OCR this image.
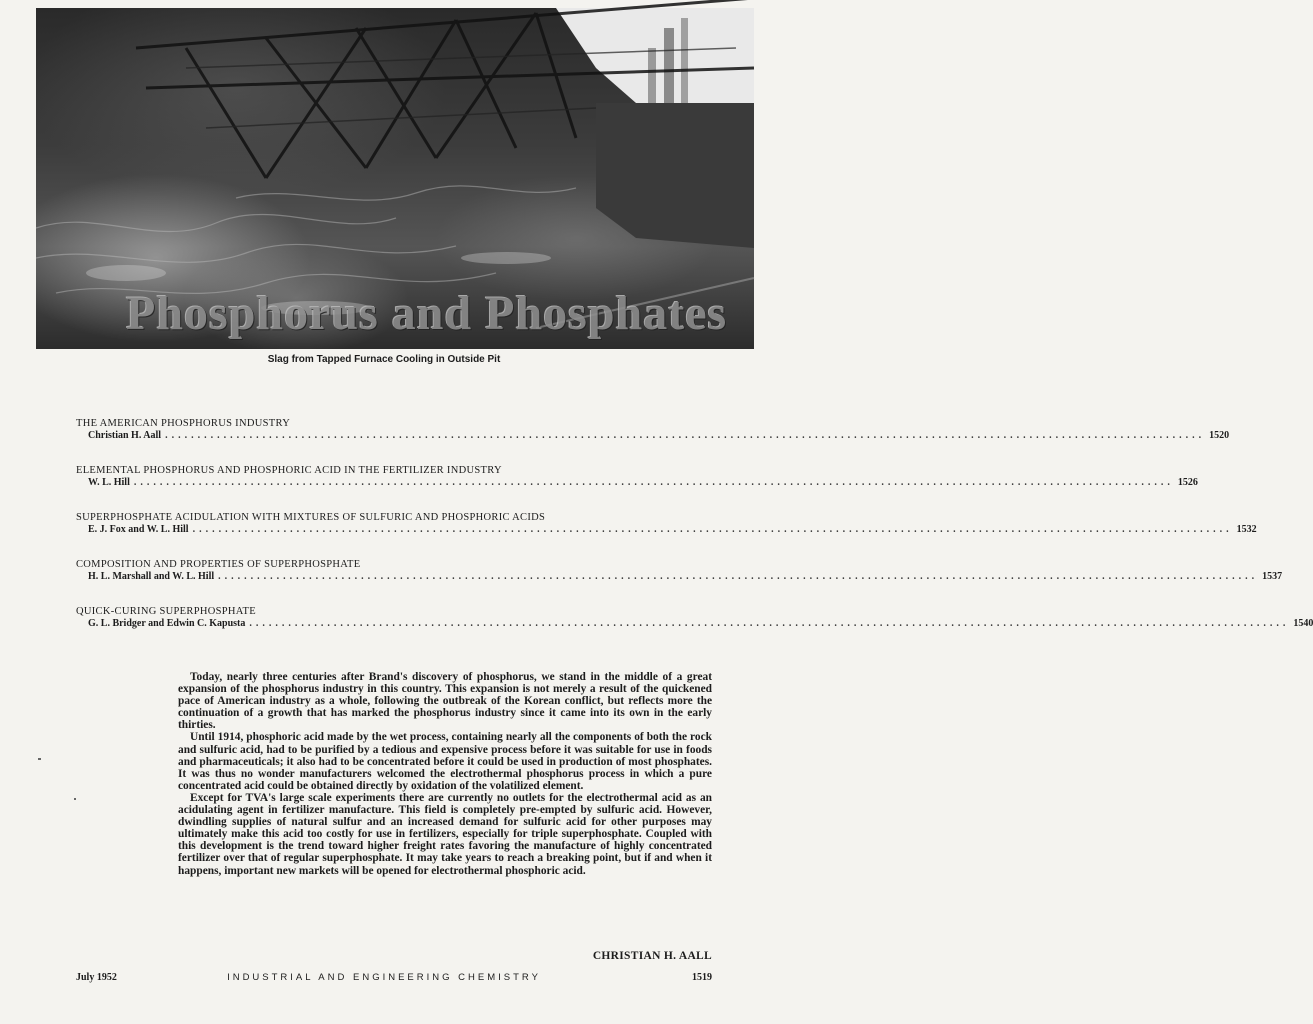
Phosphorus and Phosphates
Slag from Tapped Furnace Cooling in Outside Pit
THE AMERICAN PHOSPHORUS INDUSTRY
Christian H. Aall ................................................................................................................................................................ 1520
ELEMENTAL PHOSPHORUS AND PHOSPHORIC ACID IN THE FERTILIZER INDUSTRY
W. L. Hill ................................................................................................................................................................ 1526
SUPERPHOSPHATE ACIDULATION WITH MIXTURES OF SULFURIC AND PHOSPHORIC ACIDS
E. J. Fox and W. L. Hill ................................................................................................................................................................ 1532
COMPOSITION AND PROPERTIES OF SUPERPHOSPHATE
H. L. Marshall and W. L. Hill ................................................................................................................................................................ 1537
QUICK-CURING SUPERPHOSPHATE
G. L. Bridger and Edwin C. Kapusta ................................................................................................................................................................ 1540

Today, nearly three centuries after Brand's discovery of phosphorus, we stand in the middle of a great expansion of the phosphorus industry in this country. This expansion is not merely a result of the quickened pace of American industry as a whole, following the outbreak of the Korean conflict, but reflects more the continuation of a growth that has marked the phosphorus industry since it came into its own in the early thirties.

Until 1914, phosphoric acid made by the wet process, containing nearly all the components of both the rock and sulfuric acid, had to be purified by a tedious and expensive process before it was suitable for use in foods and pharmaceuticals; it also had to be concentrated before it could be used in production of most phosphates. It was thus no wonder manufacturers welcomed the electrothermal phosphorus process in which a pure concentrated acid could be obtained directly by oxidation of the volatilized element.

Except for TVA's large scale experiments there are currently no outlets for the electrothermal acid as an acidulating agent in fertilizer manufacture. This field is completely pre-empted by sulfuric acid. However, dwindling supplies of natural sulfur and an increased demand for sulfuric acid for other purposes may ultimately make this acid too costly for use in fertilizers, especially for triple superphosphate. Coupled with this development is the trend toward higher freight rates favoring the manufacture of highly concentrated fertilizer over that of regular superphosphate. It may take years to reach a breaking point, but if and when it happens, important new markets will be opened for electrothermal phosphoric acid.

CHRISTIAN H. AALL
July 1952	INDUSTRIAL AND ENGINEERING CHEMISTRY	1519
